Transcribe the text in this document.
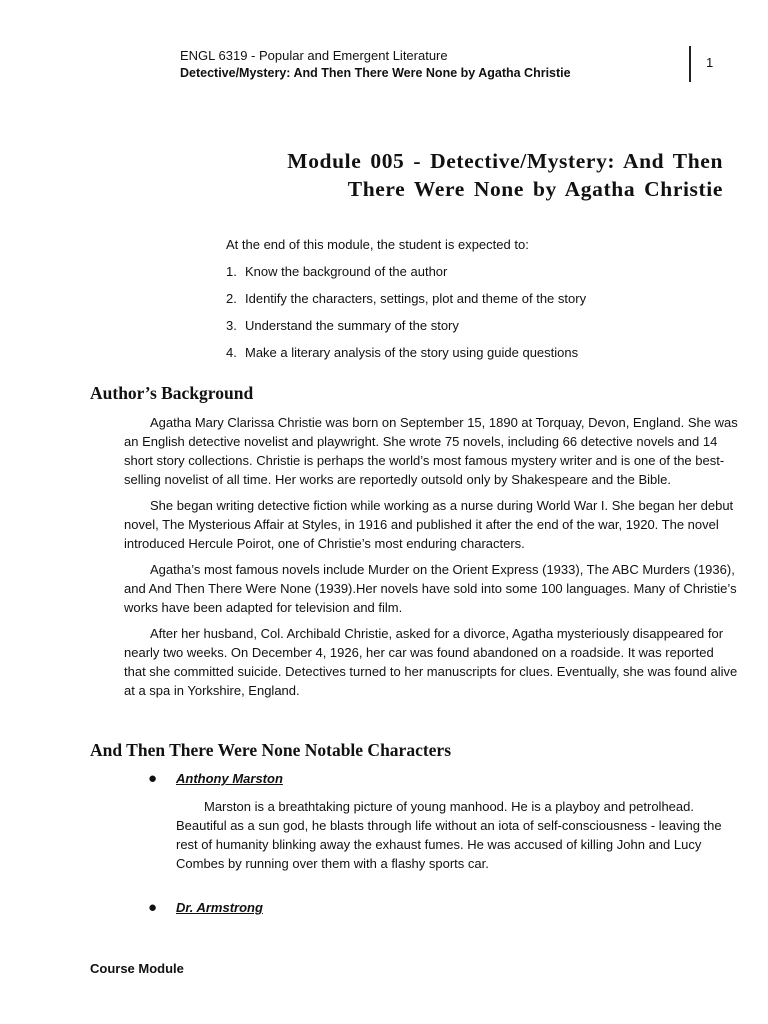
ENGL 6319 - Popular and Emergent Literature
Detective/Mystery: And Then There Were None by Agatha Christie
1
Module 005 - Detective/Mystery: And Then
There Were None by Agatha Christie
At the end of this module, the student is expected to:
1. Know the background of the author
2. Identify the characters, settings, plot and theme of the story
3. Understand the summary of the story
4. Make a literary analysis of the story using guide questions
Author’s Background

Agatha Mary Clarissa Christie was born on September 15, 1890 at Torquay, Devon, England. She was an English detective novelist and playwright. She wrote 75 novels, including 66 detective novels and 14 short story collections. Christie is perhaps the world’s most famous mystery writer and is one of the best-selling novelist of all time. Her works are reportedly outsold only by Shakespeare and the Bible.

She began writing detective fiction while working as a nurse during World War I. She began her debut novel, The Mysterious Affair at Styles, in 1916 and published it after the end of the war, 1920. The novel introduced Hercule Poirot, one of Christie’s most enduring characters.

Agatha’s most famous novels include Murder on the Orient Express (1933), The ABC Murders (1936), and And Then There Were None (1939).Her novels have sold into some 100 languages. Many of Christie’s works have been adapted for television and film.

After her husband, Col. Archibald Christie, asked for a divorce, Agatha mysteriously disappeared for nearly two weeks. On December 4, 1926, her car was found abandoned on a roadside. It was reported that she committed suicide. Detectives turned to her manuscripts for clues. Eventually, she was found alive at a spa in Yorkshire, England.

And Then There Were None Notable Characters
● Anthony Marston

Marston is a breathtaking picture of young manhood. He is a playboy and petrolhead. Beautiful as a sun god, he blasts through life without an iota of self-consciousness - leaving the rest of humanity blinking away the exhaust fumes. He was accused of killing John and Lucy Combes by running over them with a flashy sports car.

● Dr. Armstrong
Course Module
